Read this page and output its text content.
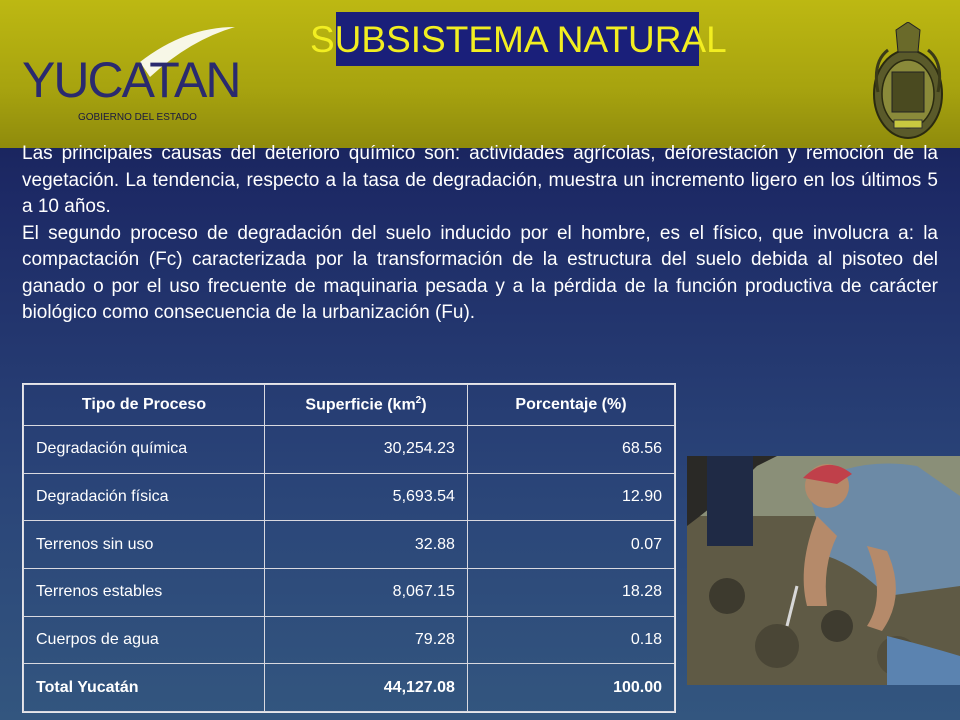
YUCATAN
GOBIERNO DEL ESTADO
SUBSISTEMA NATURAL

Las principales causas del deterioro químico son: actividades agrícolas, deforestación y remoción de la vegetación. La tendencia, respecto a la tasa de degradación, muestra un incremento ligero en los últimos 5 a 10 años.

El segundo proceso de degradación del suelo inducido por el hombre, es el físico, que involucra a: la compactación (Fc) caracterizada por la transformación de la estructura del suelo debida al pisoteo del ganado o por el uso frecuente de maquinaria pesada y a la pérdida de la función productiva de carácter biológico como consecuencia de la urbanización (Fu).

Tipo de Proceso	Superficie $(km^2)$	Porcentaje (%)
Degradación química	30,254.23	68.56
Degradación física	5,693.54	12.90
Terrenos sin uso	32.88	0.07
Terrenos estables	8,067.15	18.28
Cuerpos de agua	79.28	0.18
Total Yucatán	44,127.08	100.00
